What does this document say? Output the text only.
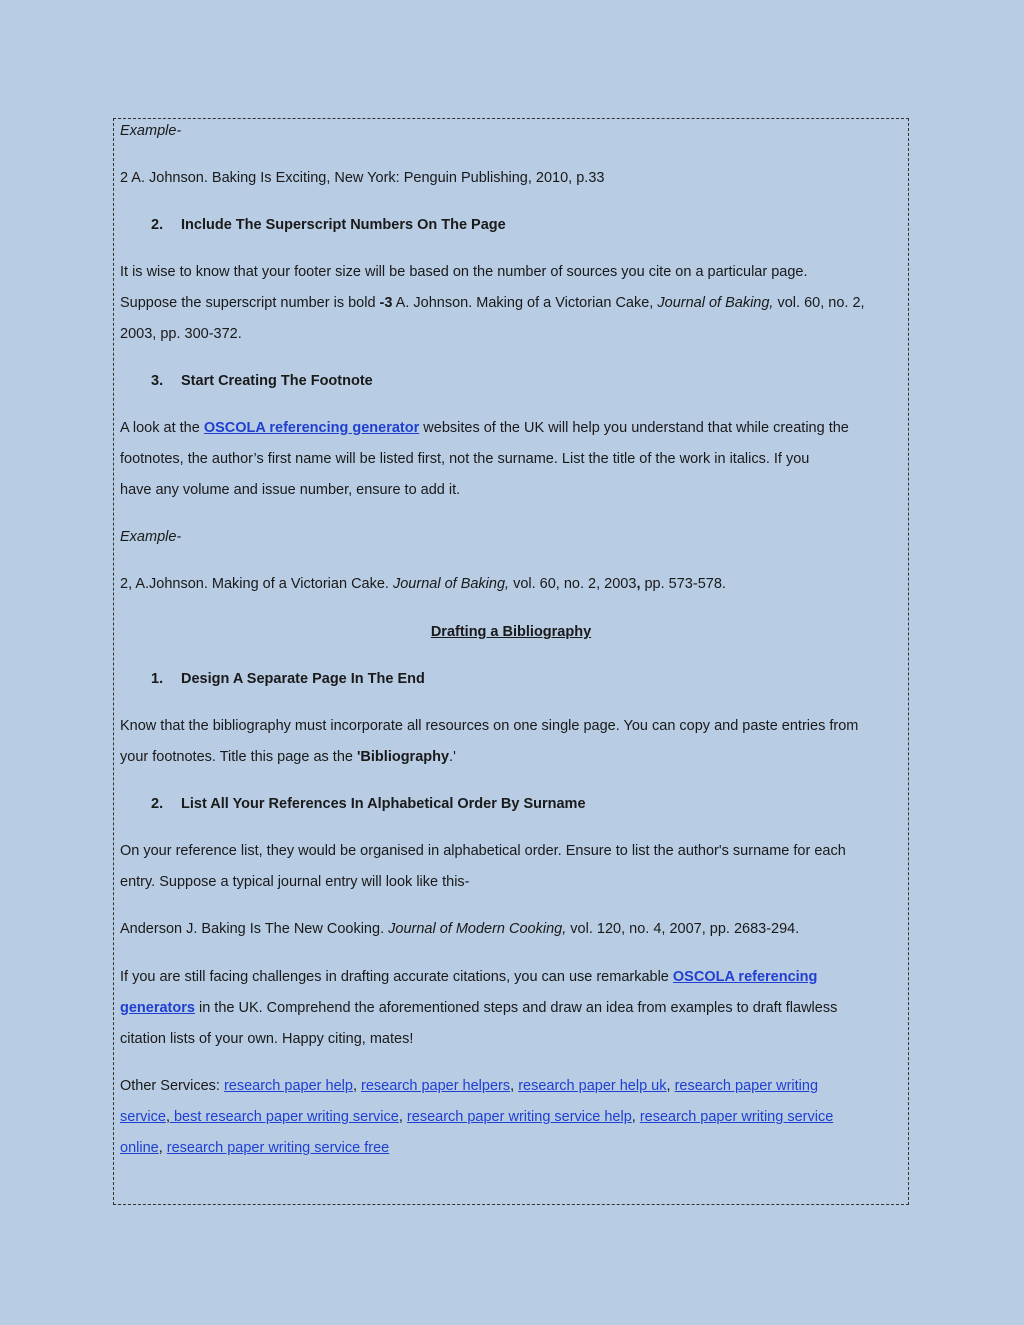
Example-
2 A. Johnson. Baking Is Exciting, New York: Penguin Publishing, 2010, p.33
2. Include The Superscript Numbers On The Page
It is wise to know that your footer size will be based on the number of sources you cite on a particular page.
Suppose the superscript number is bold -3 A. Johnson. Making of a Victorian Cake, Journal of Baking, vol. 60, no. 2,
2003, pp. 300-372.
3. Start Creating The Footnote
A look at the OSCOLA referencing generator websites of the UK will help you understand that while creating the
footnotes, the author’s first name will be listed first, not the surname. List the title of the work in italics. If you
have any volume and issue number, ensure to add it.
Example-
2, A.Johnson. Making of a Victorian Cake. Journal of Baking, vol. 60, no. 2, 2003, pp. 573-578.
Drafting a Bibliography
1. Design A Separate Page In The End
Know that the bibliography must incorporate all resources on one single page. You can copy and paste entries from
your footnotes. Title this page as the 'Bibliography.'
2. List All Your References In Alphabetical Order By Surname
On your reference list, they would be organised in alphabetical order. Ensure to list the author's surname for each
entry. Suppose a typical journal entry will look like this-
Anderson J. Baking Is The New Cooking. Journal of Modern Cooking, vol. 120, no. 4, 2007, pp. 2683-294.
If you are still facing challenges in drafting accurate citations, you can use remarkable OSCOLA referencing
generators in the UK. Comprehend the aforementioned steps and draw an idea from examples to draft flawless
citation lists of your own. Happy citing, mates!
Other Services: research paper help, research paper helpers, research paper help uk, research paper writing
service, best research paper writing service, research paper writing service help, research paper writing service
online, research paper writing service free
